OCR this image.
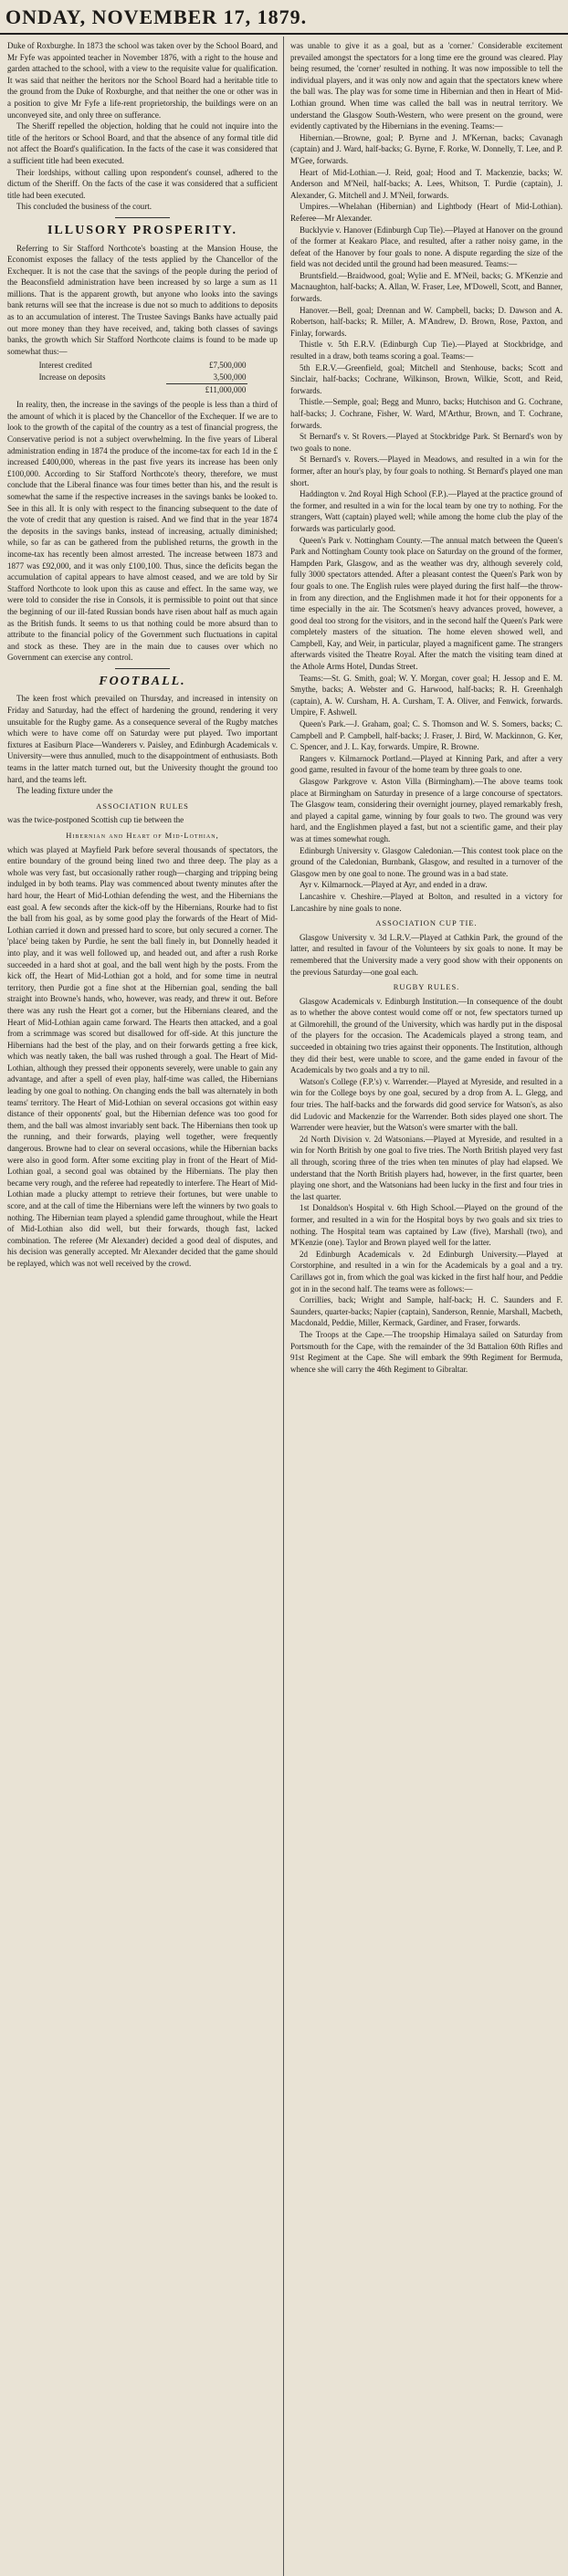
ONDAY, NOVEMBER 17, 1879.

Duke of Roxburghe. In 1873 the school was taken over by the School Board, and Mr Fyfe was appointed teacher in November 1876, with a right to the house and garden attached to the school, with a view to the requisite value for qualification. It was said that neither the heritors nor the School Board had a heritable title to the ground from the Duke of Roxburghe, and that neither the one or other was in a position to give Mr Fyfe a life-rent proprietorship, the buildings were on an unconveyed site, and only three on sufferance.

The Sheriff repelled the objection, holding that he could not inquire into the title of the heritors or School Board, and that the absence of any formal title did not affect the Board's qualification. In the facts of the case it was considered that a sufficient title had been executed.

Their lordships, without calling upon respondent's counsel, adhered to the dictum of the Sheriff. On the facts of the case it was considered that a sufficient title had been executed.

This concluded the business of the court.

ILLUSORY PROSPERITY.

Referring to Sir Stafford Northcote's boasting at the Mansion House, the Economist exposes the fallacy of the tests applied by the Chancellor of the Exchequer. It is not the case that the savings of the people during the period of the Beaconsfield administration have been increased by so large a sum as 11 millions. That is the apparent growth, but anyone who looks into the savings bank returns will see that the increase is due not so much to additions to deposits as to an accumulation of interest. The Trustee Savings Banks have actually paid out more money than they have received, and, taking both classes of savings banks, the growth which Sir Stafford Northcote claims is found to be made up somewhat thus:—

Interest credited	£7,500,000
Increase on deposits	3,500,000
	£11,000,000

In reality, then, the increase in the savings of the people is less than a third of the amount of which it is placed by the Chancellor of the Exchequer. If we are to look to the growth of the capital of the country as a test of financial progress, the Conservative period is not a subject overwhelming. In the five years of Liberal administration ending in 1874 the produce of the income-tax for each 1d in the £ increased £400,000, whereas in the past five years its increase has been only £100,000. According to Sir Stafford Northcote's theory, therefore, we must conclude that the Liberal finance was four times better than his, and the result is somewhat the same if the respective increases in the savings banks be looked to. See in this all. It is only with respect to the financing subsequent to the date of the vote of credit that any question is raised. And we find that in the year 1874 the deposits in the savings banks, instead of increasing, actually diminished; while, so far as can be gathered from the published returns, the growth in the income-tax has recently been almost arrested. The increase between 1873 and 1877 was £92,000, and it was only £100,100. Thus, since the deficits began the accumulation of capital appears to have almost ceased, and we are told by Sir Stafford Northcote to look upon this as cause and effect. In the same way, we were told to consider the rise in Consols, it is permissible to point out that since the beginning of our ill-fated Russian bonds have risen about half as much again as the British funds. It seems to us that nothing could be more absurd than to attribute to the financial policy of the Government such fluctuations in capital and stock as these. They are in the main due to causes over which no Government can exercise any control.

FOOTBALL.

The keen frost which prevailed on Thursday, and increased in intensity on Friday and Saturday, had the effect of hardening the ground, rendering it very unsuitable for the Rugby game. As a consequence several of the Rugby matches which were to have come off on Saturday were put played. Two important fixtures at Easiburn Place—Wanderers v. Paisley, and Edinburgh Academicals v. University—were thus annulled, much to the disappointment of enthusiasts. Both teams in the latter match turned out, but the University thought the ground too hard, and the teams left.

The leading fixture under the

ASSOCIATION RULES

was the twice-postponed Scottish cup tie between the

Hibernian and Heart of Mid-Lothian,

which was played at Mayfield Park before several thousands of spectators, the entire boundary of the ground being lined two and three deep. The play as a whole was very fast, but occasionally rather rough—charging and tripping being indulged in by both teams. Play was commenced about twenty minutes after the hard hour, the Heart of Mid-Lothian defending the west, and the Hibernians the east goal. A few seconds after the kick-off by the Hibernians, Rourke had to fist the ball from his goal, as by some good play the forwards of the Heart of Mid-Lothian carried it down and pressed hard to score, but only secured a corner. The 'place' being taken by Purdie, he sent the ball finely in, but Donnelly headed it into play, and it was well followed up, and headed out, and after a rush Rorke succeeded in a hard shot at goal, and the ball went high by the posts. From the kick off, the Heart of Mid-Lothian got a hold, and for some time in neutral territory, then Purdie got a fine shot at the Hibernian goal, sending the ball straight into Browne's hands, who, however, was ready, and threw it out. Before there was any rush the Heart got a corner, but the Hibernians cleared, and the Heart of Mid-Lothian again came forward. The Hearts then attacked, and a goal from a scrimmage was scored but disallowed for off-side. At this juncture the Hibernians had the best of the play, and on their forwards getting a free kick, which was neatly taken, the ball was rushed through a goal. The Heart of Mid-Lothian, although they pressed their opponents severely, were unable to gain any advantage, and after a spell of even play, half-time was called, the Hibernians leading by one goal to nothing. On changing ends the ball was alternately in both teams' territory. The Heart of Mid-Lothian on several occasions got within easy distance of their opponents' goal, but the Hibernian defence was too good for them, and the ball was almost invariably sent back. The Hibernians then took up the running, and their forwards, playing well together, were frequently dangerous. Browne had to clear on several occasions, while the Hibernian backs were also in good form. After some exciting play in front of the Heart of Mid-Lothian goal, a second goal was obtained by the Hibernians. The play then became very rough, and the referee had repeatedly to interfere. The Heart of Mid-Lothian made a plucky attempt to retrieve their fortunes, but were unable to score, and at the call of time the Hibernians were left the winners by two goals to nothing. The Hibernian team played a splendid game throughout, while the Heart of Mid-Lothian also did well, but their forwards, though fast, lacked combination. The referee (Mr Alexander) decided a good deal of disputes, and his decision was generally accepted. Mr Alexander decided that the game should be replayed, which was not well received by the crowd.

was unable to give it as a goal, but as a 'corner.' Considerable excitement prevailed amongst the spectators for a long time ere the ground was cleared. Play being resumed, the 'corner' resulted in nothing. It was now impossible to tell the individual players, and it was only now and again that the spectators knew where the ball was. The play was for some time in Hibernian and then in Heart of Mid-Lothian ground. When time was called the ball was in neutral territory. We understand the Glasgow South-Western, who were present on the ground, were evidently captivated by the Hibernians in the evening. Teams:—

Hibernian.—Browne, goal; P. Byrne and J. M'Kernan, backs; Cavanagh (captain) and J. Ward, half-backs; G. Byrne, F. Rorke, W. Donnelly, T. Lee, and P. M'Gee, forwards.

Heart of Mid-Lothian.—J. Reid, goal; Hood and T. Mackenzie, backs; W. Anderson and M'Neil, half-backs; A. Lees, Whitson, T. Purdie (captain), J. Alexander, G. Mitchell and J. M'Neil, forwards.

Umpires.—Whelahan (Hibernian) and Lightbody (Heart of Mid-Lothian). Referee—Mr Alexander.

Bucklyvie v. Hanover (Edinburgh Cup Tie).—Played at Hanover on the ground of the former at Keakaro Place, and resulted, after a rather noisy game, in the defeat of the Hanover by four goals to none. A dispute regarding the size of the field was not decided until the ground had been measured. Teams:—

Bruntsfield.—Braidwood, goal; Wylie and E. M'Neil, backs; G. M'Kenzie and Macnaughton, half-backs; A. Allan, W. Fraser, Lee, M'Dowell, Scott, and Banner, forwards.

Hanover.—Bell, goal; Drennan and W. Campbell, backs; D. Dawson and A. Robertson, half-backs; R. Miller, A. M'Andrew, D. Brown, Rose, Paxton, and Finlay, forwards.

Thistle v. 5th E.R.V. (Edinburgh Cup Tie).—Played at Stockbridge, and resulted in a draw, both teams scoring a goal. Teams:—

5th E.R.V.—Greenfield, goal; Mitchell and Stenhouse, backs; Scott and Sinclair, half-backs; Cochrane, Wilkinson, Brown, Wilkie, Scott, and Reid, forwards.

Thistle.—Semple, goal; Begg and Munro, backs; Hutchison and G. Cochrane, half-backs; J. Cochrane, Fisher, W. Ward, M'Arthur, Brown, and T. Cochrane, forwards.

St Bernard's v. St Rovers.—Played at Stockbridge Park. St Bernard's won by two goals to none.

St Bernard's v. Rovers.—Played in Meadows, and resulted in a win for the former, after an hour's play, by four goals to nothing. St Bernard's played one man short.

Haddington v. 2nd Royal High School (F.P.).—Played at the practice ground of the former, and resulted in a win for the local team by one try to nothing. For the strangers, Watt (captain) played well; while among the home club the play of the forwards was particularly good.

Queen's Park v. Nottingham County.—The annual match between the Queen's Park and Nottingham County took place on Saturday on the ground of the former, Hampden Park, Glasgow, and as the weather was dry, although severely cold, fully 3000 spectators attended. After a pleasant contest the Queen's Park won by four goals to one. The English rules were played during the first half—the throw-in from any direction, and the Englishmen made it hot for their opponents for a time especially in the air. The Scotsmen's heavy advances proved, however, a good deal too strong for the visitors, and in the second half the Queen's Park were completely masters of the situation. The home eleven showed well, and Campbell, Kay, and Weir, in particular, played a magnificent game. The strangers afterwards visited the Theatre Royal. After the match the visiting team dined at the Athole Arms Hotel, Dundas Street.

Teams:—St. G. Smith, goal; W. Y. Morgan, cover goal; H. Jessop and E. M. Smythe, backs; A. Webster and G. Harwood, half-backs; R. H. Greenhalgh (captain), A. W. Cursham, H. A. Cursham, T. A. Oliver, and Fenwick, forwards. Umpire, F. Ashwell.

Queen's Park.—J. Graham, goal; C. S. Thomson and W. S. Somers, backs; C. Campbell and P. Campbell, half-backs; J. Fraser, J. Bird, W. Mackinnon, G. Ker, C. Spencer, and J. L. Kay, forwards. Umpire, R. Browne.

Rangers v. Kilmarnock Portland.—Played at Kinning Park, and after a very good game, resulted in favour of the home team by three goals to one.

Glasgow Parkgrove v. Aston Villa (Birmingham).—The above teams took place at Birmingham on Saturday in presence of a large concourse of spectators. The Glasgow team, considering their overnight journey, played remarkably fresh, and played a capital game, winning by four goals to two. The ground was very hard, and the Englishmen played a fast, but not a scientific game, and their play was at times somewhat rough.

Edinburgh University v. Glasgow Caledonian.—This contest took place on the ground of the Caledonian, Burnbank, Glasgow, and resulted in a turnover of the Glasgow men by one goal to none. The ground was in a bad state.

Ayr v. Kilmarnock.—Played at Ayr, and ended in a draw.

Lancashire v. Cheshire.—Played at Bolton, and resulted in a victory for Lancashire by nine goals to none.

ASSOCIATION CUP TIE.

Glasgow University v. 3d L.R.V.—Played at Cathkin Park, the ground of the latter, and resulted in favour of the Volunteers by six goals to none. It may be remembered that the University made a very good show with their opponents on the previous Saturday—one goal each.

RUGBY RULES.

Glasgow Academicals v. Edinburgh Institution.—In consequence of the doubt as to whether the above contest would come off or not, few spectators turned up at Gilmorehill, the ground of the University, which was hardly put in the disposal of the players for the occasion. The Academicals played a strong team, and succeeded in obtaining two tries against their opponents. The Institution, although they did their best, were unable to score, and the game ended in favour of the Academicals by two goals and a try to nil.

Watson's College (F.P.'s) v. Warrender.—Played at Myreside, and resulted in a win for the College boys by one goal, secured by a drop from A. L. Glegg, and four tries. The half-backs and the forwards did good service for Watson's, as also did Ludovic and Mackenzie for the Warrender. Both sides played one short. The Warrender were heavier, but the Watson's were smarter with the ball.

2d North Division v. 2d Watsonians.—Played at Myreside, and resulted in a win for North British by one goal to five tries. The North British played very fast all through, scoring three of the tries when ten minutes of play had elapsed. We understand that the North British players had, however, in the first quarter, been playing one short, and the Watsonians had been lucky in the first and four tries in the last quarter.

1st Donaldson's Hospital v. 6th High School.—Played on the ground of the former, and resulted in a win for the Hospital boys by two goals and six tries to nothing. The Hospital team was captained by Law (five), Marshall (two), and M'Kenzie (one). Taylor and Brown played well for the latter.

2d Edinburgh Academicals v. 2d Edinburgh University.—Played at Corstorphine, and resulted in a win for the Academicals by a goal and a try. Carillaws got in, from which the goal was kicked in the first half hour, and Peddie got in in the second half. The teams were as follows:—

Corrillies, back; Wright and Sample, half-back; H. C. Saunders and F. Saunders, quarter-backs; Napier (captain), Sanderson, Rennie, Marshall, Macbeth, Macdonald, Peddie, Miller, Kermack, Gardiner, and Fraser, forwards.

The Troops at the Cape.—The troopship Himalaya sailed on Saturday from Portsmouth for the Cape, with the remainder of the 3d Battalion 60th Rifles and 91st Regiment at the Cape. She will embark the 99th Regiment for Bermuda, whence she will carry the 46th Regiment to Gibraltar.
